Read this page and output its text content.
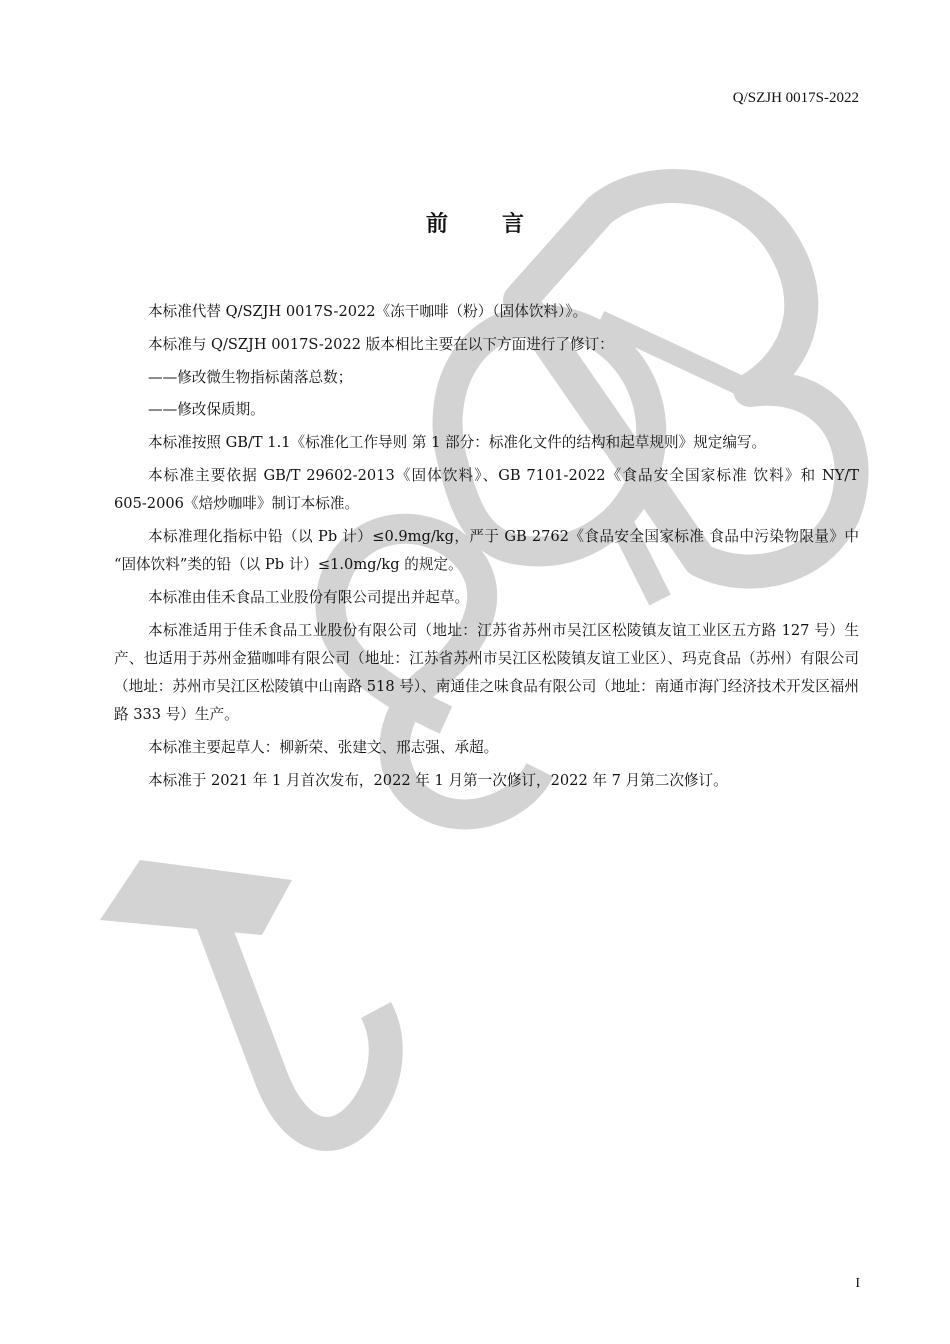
Q/SZJH 0017S-2022
前言

本标准代替 Q/SZJH 0017S-2022《冻干咖啡（粉）（固体饮料）》。

本标准与 Q/SZJH 0017S-2022 版本相比主要在以下方面进行了修订：

——修改微生物指标菌落总数；

——修改保质期。

本标准按照 GB/T 1.1《标准化工作导则 第 1 部分：标准化文件的结构和起草规则》规定编写。

本标准主要依据 GB/T 29602-2013《固体饮料》、GB 7101-2022《食品安全国家标准 饮料》和 NY/T 605-2006《焙炒咖啡》制订本标准。

本标准理化指标中铅（以 Pb 计）≤0.9mg/kg，严于 GB 2762《食品安全国家标准 食品中污染物限量》中 “固体饮料”类的铅（以 Pb 计）≤1.0mg/kg 的规定。

本标准由佳禾食品工业股份有限公司提出并起草。

本标准适用于佳禾食品工业股份有限公司（地址：江苏省苏州市吴江区松陵镇友谊工业区五方路 127 号）生产、也适用于苏州金猫咖啡有限公司（地址：江苏省苏州市吴江区松陵镇友谊工业区）、玛克食品（苏州）有限公司（地址：苏州市吴江区松陵镇中山南路 518 号）、南通佳之味食品有限公司（地址：南通市海门经济技术开发区福州路 333 号）生产。

本标准主要起草人：柳新荣、张建文、邢志强、承超。

本标准于 2021 年 1 月首次发布，2022 年 1 月第一次修订，2022 年 7 月第二次修订。

I
